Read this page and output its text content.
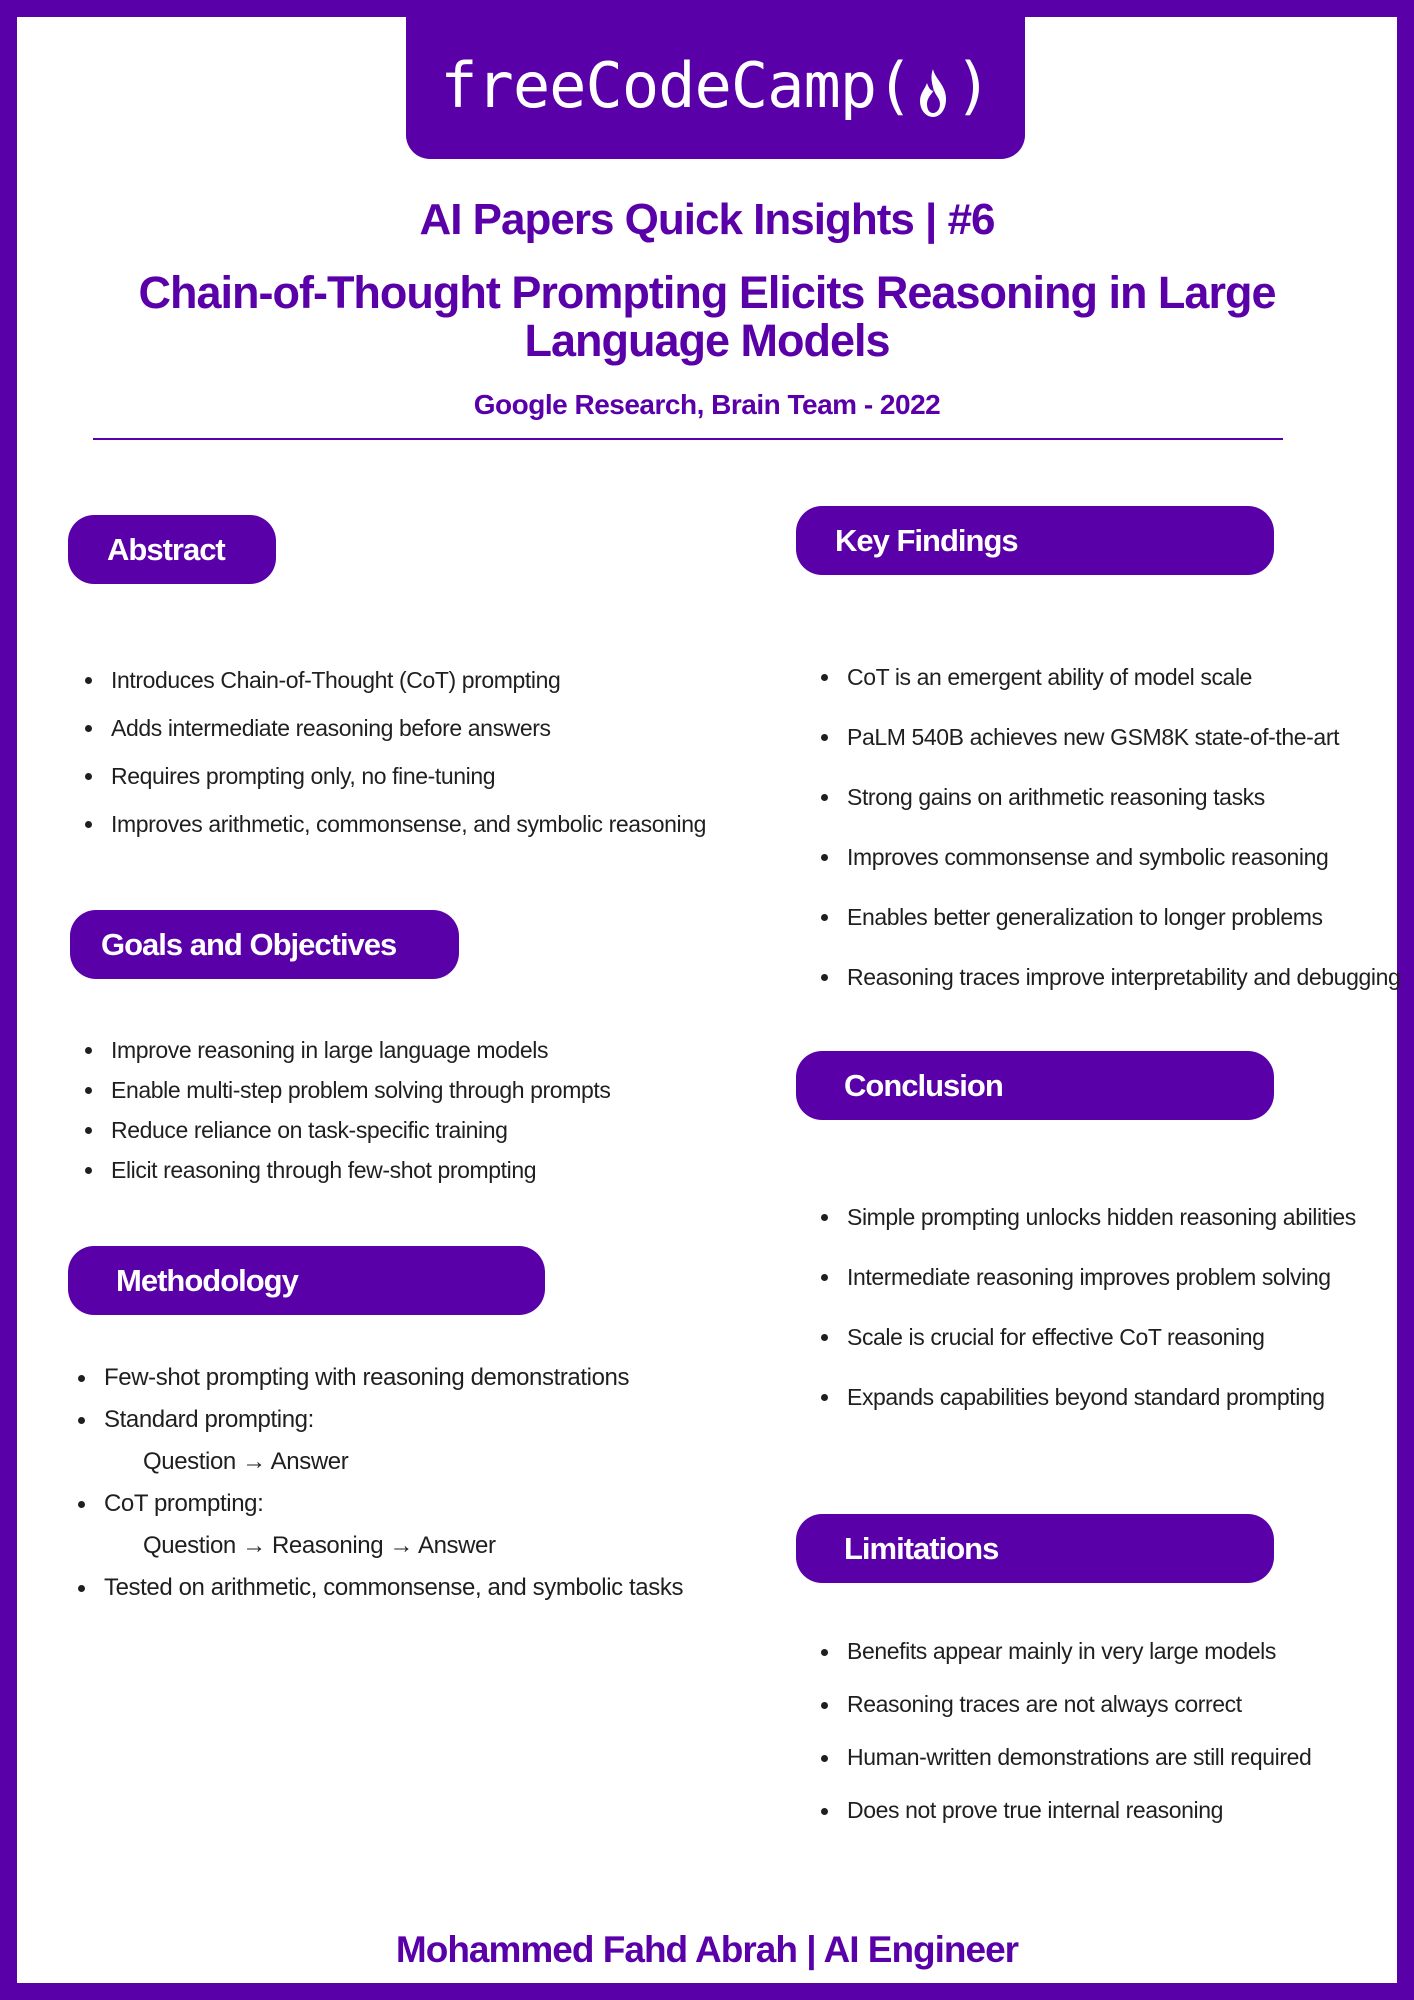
freeCodeCamp( )
AI Papers Quick Insights | #6
Chain-of-Thought Prompting Elicits Reasoning in Large Language Models
Google Research, Brain Team - 2022
Abstract
Introduces Chain-of-Thought (CoT) prompting
Adds intermediate reasoning before answers
Requires prompting only, no fine-tuning
Improves arithmetic, commonsense, and symbolic reasoning
Goals and Objectives
Improve reasoning in large language models
Enable multi-step problem solving through prompts
Reduce reliance on task-specific training
Elicit reasoning through few-shot prompting
Methodology
Few-shot prompting with reasoning demonstrations
Standard prompting:
Question → Answer
CoT prompting:
Question → Reasoning → Answer
Tested on arithmetic, commonsense, and symbolic tasks
Key Findings
CoT is an emergent ability of model scale
PaLM 540B achieves new GSM8K state-of-the-art
Strong gains on arithmetic reasoning tasks
Improves commonsense and symbolic reasoning
Enables better generalization to longer problems
Reasoning traces improve interpretability and debugging
Conclusion
Simple prompting unlocks hidden reasoning abilities
Intermediate reasoning improves problem solving
Scale is crucial for effective CoT reasoning
Expands capabilities beyond standard prompting
Limitations
Benefits appear mainly in very large models
Reasoning traces are not always correct
Human-written demonstrations are still required
Does not prove true internal reasoning
Mohammed Fahd Abrah | AI Engineer
